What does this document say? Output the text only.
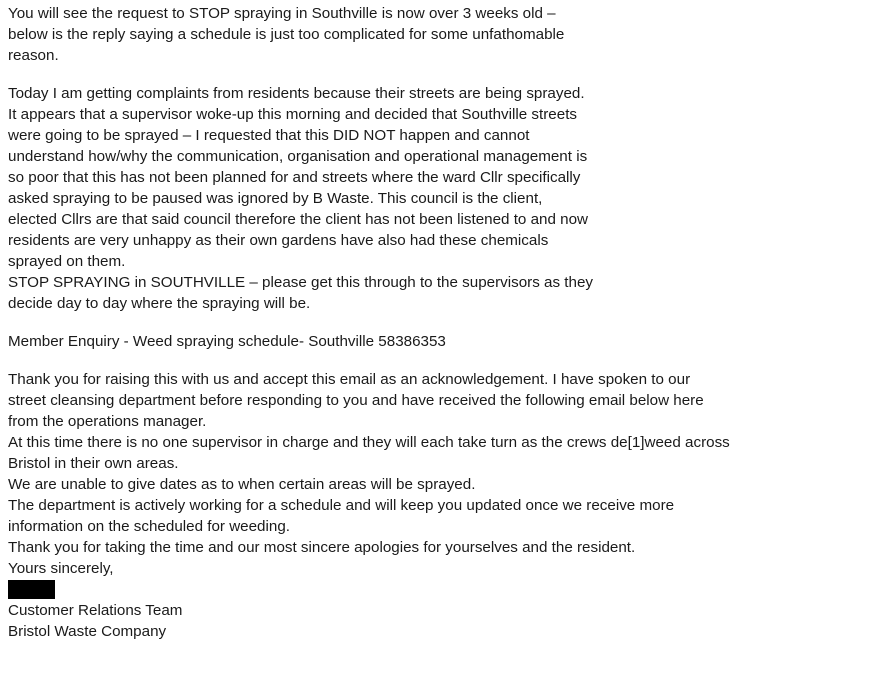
You will see the request to STOP spraying in Southville is now over 3 weeks old –
below is the reply saying a schedule is just too complicated for some unfathomable
reason.
Today I am getting complaints from residents because their streets are being sprayed.
It appears that a supervisor woke-up this morning and decided that Southville streets
were going to be sprayed – I requested that this DID NOT happen and cannot
understand how/why the communication, organisation and operational management is
so poor that this has not been planned for and streets where the ward Cllr specifically
asked spraying to be paused was ignored by B Waste. This council is the client,
elected Cllrs are that said council therefore the client has not been listened to and now
residents are very unhappy as their own gardens have also had these chemicals
sprayed on them.
STOP SPRAYING in SOUTHVILLE – please get this through to the supervisors as they
decide day to day where the spraying will be.
Member Enquiry - Weed spraying schedule- Southville 58386353
Thank you for raising this with us and accept this email as an acknowledgement. I have spoken to our
street cleansing department before responding to you and have received the following email below here
from the operations manager.
At this time there is no one supervisor in charge and they will each take turn as the crews de[1]weed across
Bristol in their own areas.
We are unable to give dates as to when certain areas will be sprayed.
The department is actively working for a schedule and will keep you updated once we receive more
information on the scheduled for weeding.
Thank you for taking the time and our most sincere apologies for yourselves and the resident.
Yours sincerely,
Customer Relations Team
Bristol Waste Company
